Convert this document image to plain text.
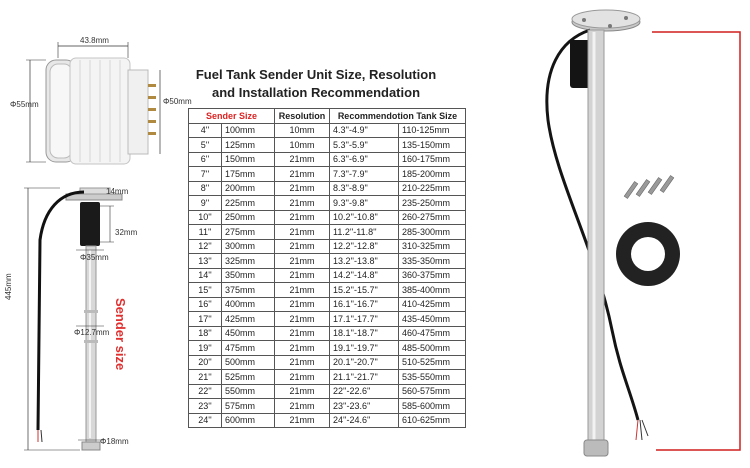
43.8mm
Φ55mm	Φ50mm
14mm
32mm
Φ35mm
Φ12.7mm
Φ18mm
445mm
Sender size
Fuel Tank Sender Unit Size, Resolution
and Installation Recommendation
Sender Size		Resolution	Recommendotion Tank Size	
4''	100mm	10mm	4.3''-4.9''	110-125mm
5''	125mm	10mm	5.3''-5.9''	135-150mm
6''	150mm	21mm	6.3''-6.9''	160-175mm
7''	175mm	21mm	7.3''-7.9''	185-200mm
8''	200mm	21mm	8.3''-8.9''	210-225mm
9''	225mm	21mm	9.3''-9.8''	235-250mm
10''	250mm	21mm	10.2''-10.8''	260-275mm
11''	275mm	21mm	11.2''-11.8''	285-300mm
12''	300mm	21mm	12.2''-12.8''	310-325mm
13''	325mm	21mm	13.2''-13.8''	335-350mm
14''	350mm	21mm	14.2''-14.8''	360-375mm
15''	375mm	21mm	15.2''-15.7''	385-400mm
16''	400mm	21mm	16.1''-16.7''	410-425mm
17''	425mm	21mm	17.1''-17.7''	435-450mm
18''	450mm	21mm	18.1''-18.7''	460-475mm
19''	475mm	21mm	19.1''-19.7''	485-500mm
20''	500mm	21mm	20.1''-20.7''	510-525mm
21''	525mm	21mm	21.1''-21.7''	535-550mm
22''	550mm	21mm	22''-22.6''	560-575mm
23''	575mm	21mm	23''-23.6''	585-600mm
24''	600mm	21mm	24''-24.6''	610-625mm
